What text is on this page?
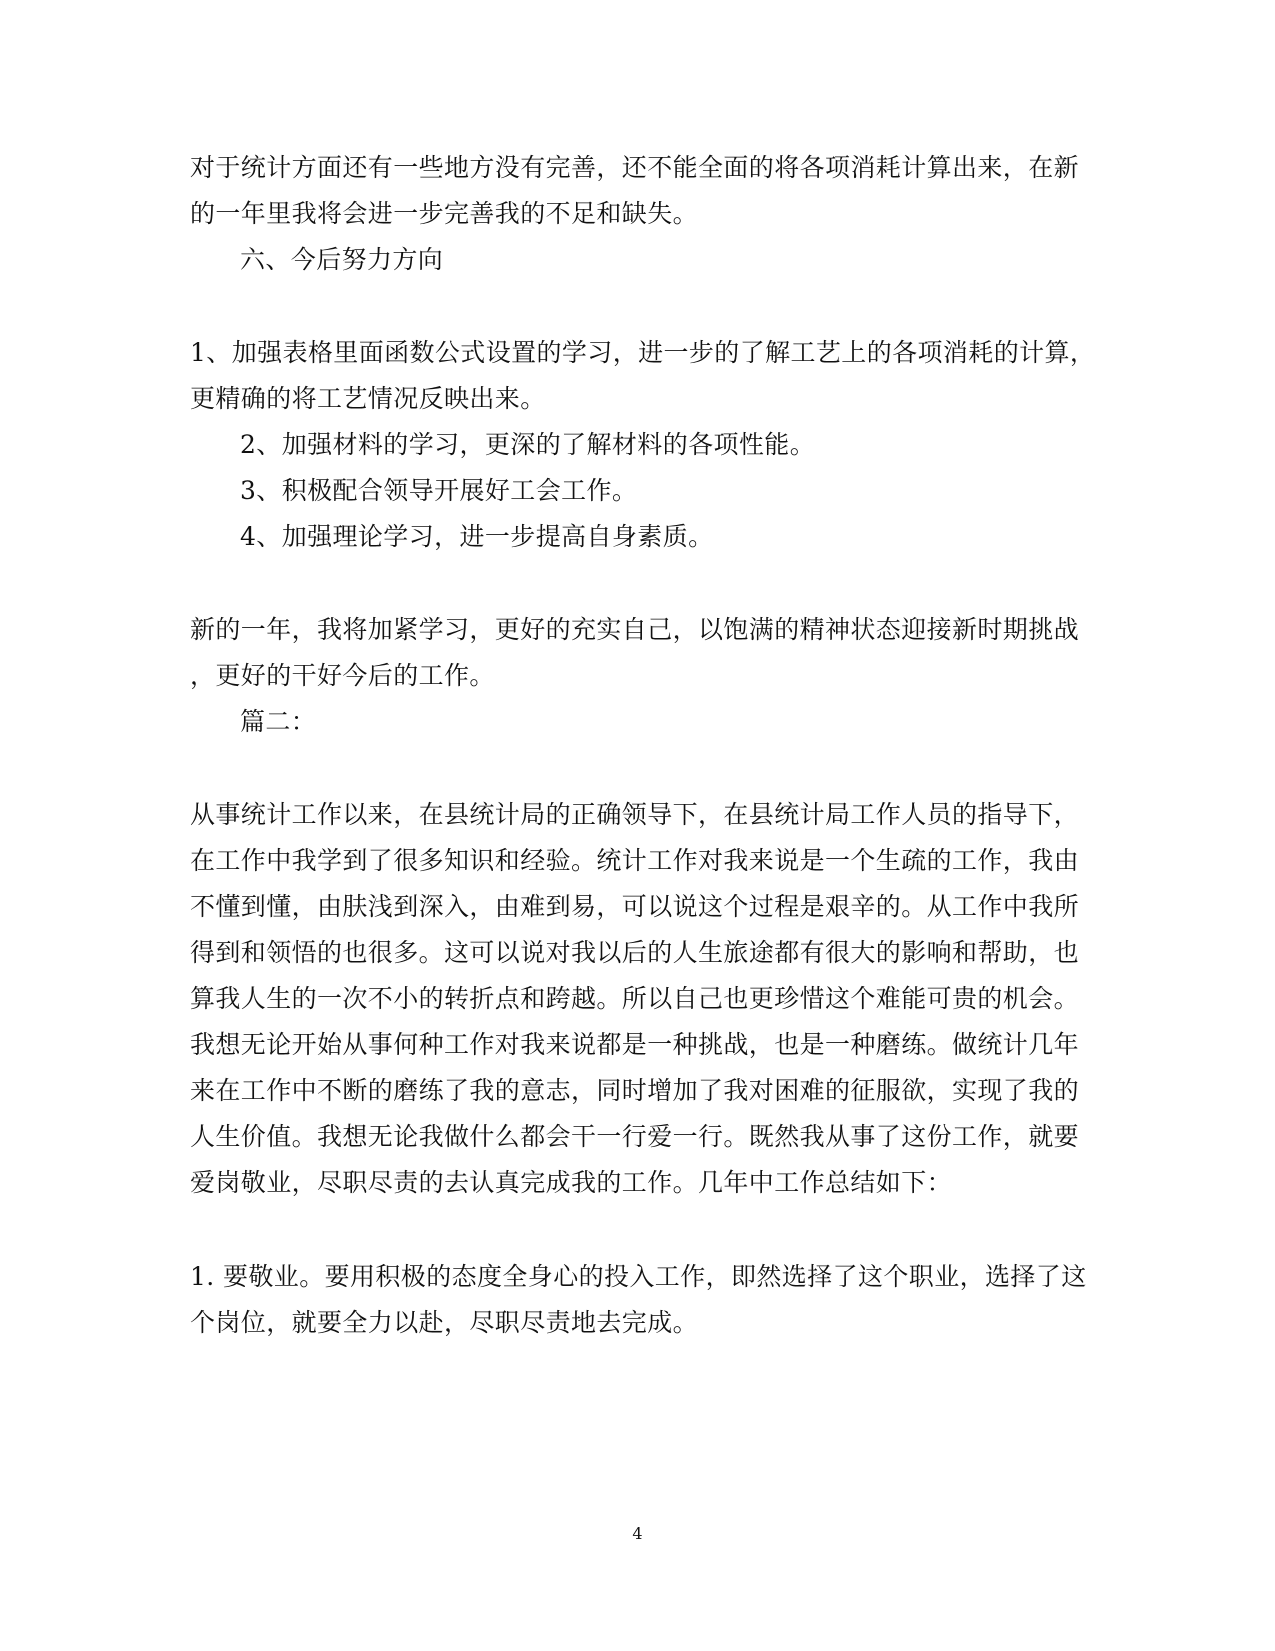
对于统计方面还有一些地方没有完善，还不能全面的将各项消耗计算出来，在新
的一年里我将会进一步完善我的不足和缺失。
六、今后努力方向
1、加强表格里面函数公式设置的学习，进一步的了解工艺上的各项消耗的计算，
更精确的将工艺情况反映出来。
2、加强材料的学习，更深的了解材料的各项性能。
3、积极配合领导开展好工会工作。
4、加强理论学习，进一步提高自身素质。
新的一年，我将加紧学习，更好的充实自己，以饱满的精神状态迎接新时期挑战
，更好的干好今后的工作。
篇二：
从事统计工作以来，在县统计局的正确领导下，在县统计局工作人员的指导下，
在工作中我学到了很多知识和经验。统计工作对我来说是一个生疏的工作，我由
不懂到懂，由肤浅到深入，由难到易，可以说这个过程是艰辛的。从工作中我所
得到和领悟的也很多。这可以说对我以后的人生旅途都有很大的影响和帮助，也
算我人生的一次不小的转折点和跨越。所以自己也更珍惜这个难能可贵的机会。
我想无论开始从事何种工作对我来说都是一种挑战，也是一种磨练。做统计几年
来在工作中不断的磨练了我的意志，同时增加了我对困难的征服欲，实现了我的
人生价值。我想无论我做什么都会干一行爱一行。既然我从事了这份工作，就要
爱岗敬业，尽职尽责的去认真完成我的工作。几年中工作总结如下：
1. 要敬业。要用积极的态度全身心的投入工作，即然选择了这个职业，选择了这
个岗位，就要全力以赴，尽职尽责地去完成。
4
